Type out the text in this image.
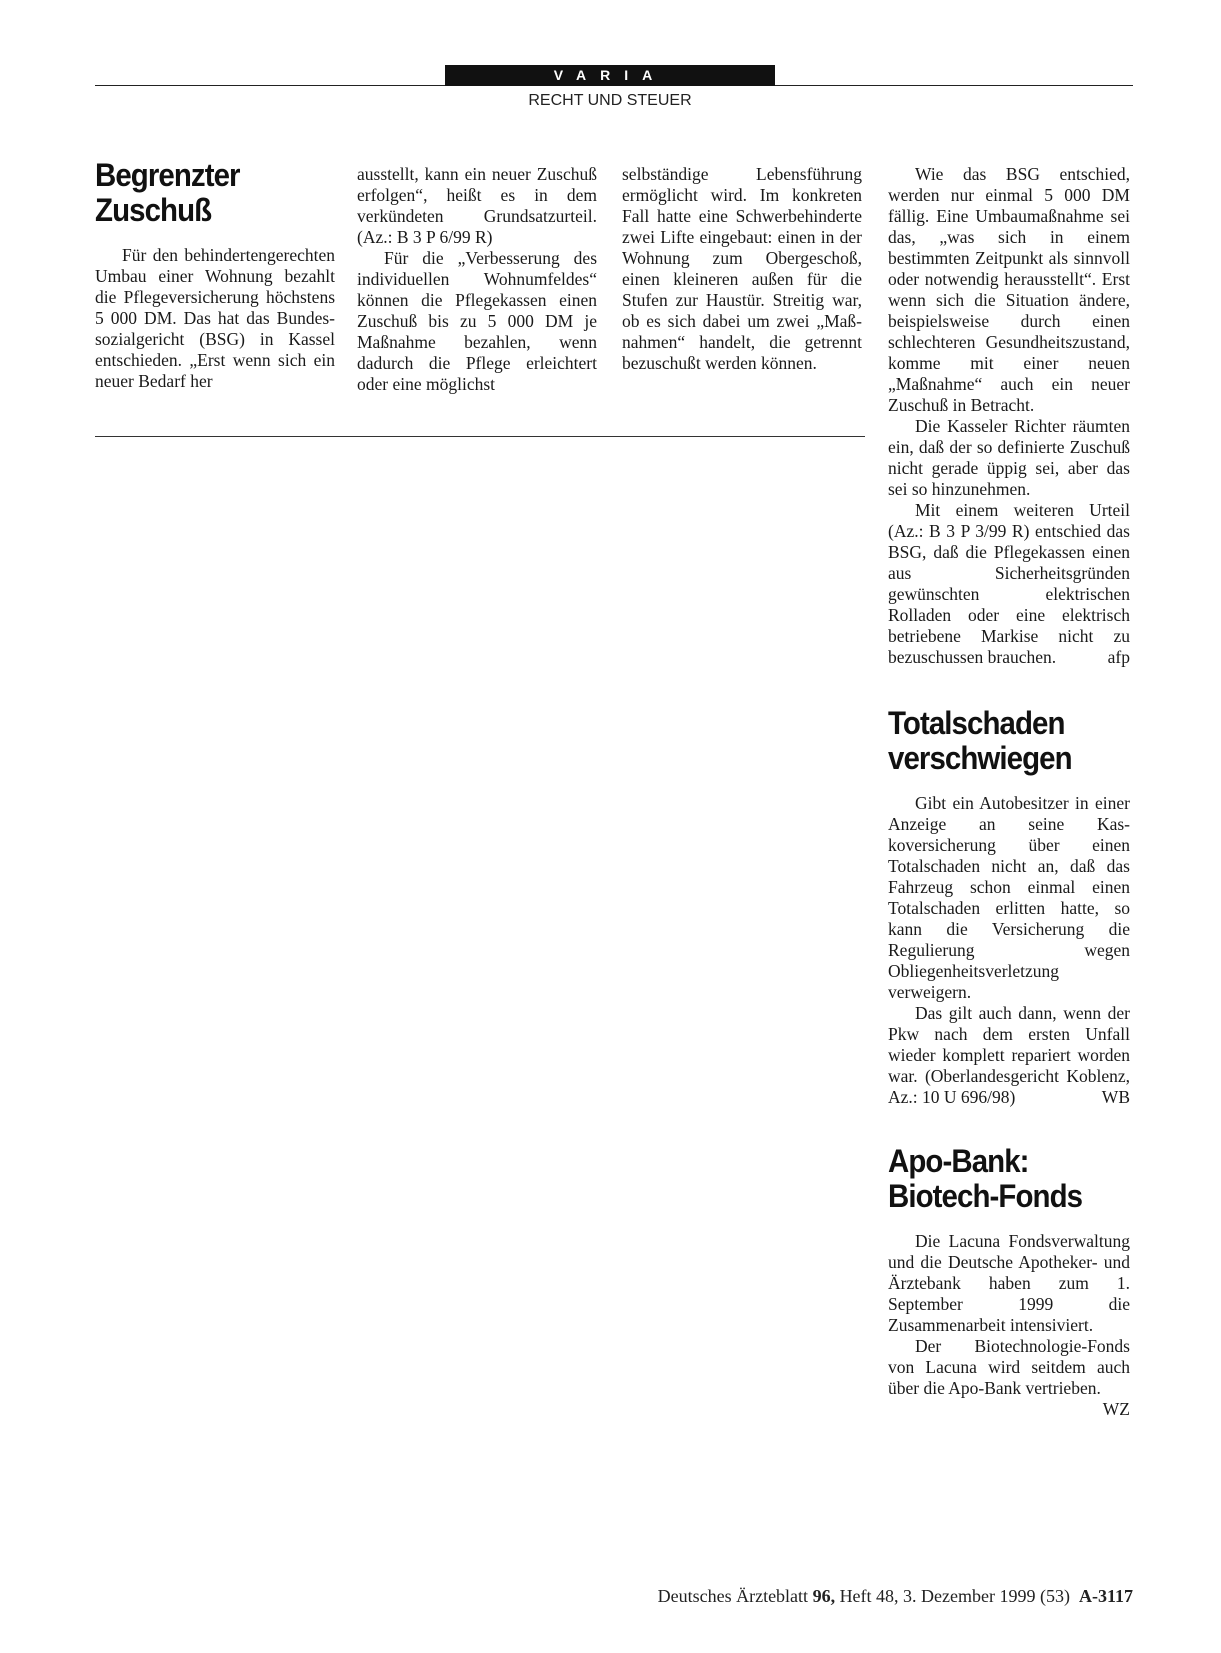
VARIA
RECHT UND STEUER
Begrenzter
Zuschuß

Für den behindertengerechten Umbau einer Wohnung bezahlt die Pflegeversicherung höchstens 5 000 DM. Das hat das Bundessozialgericht (BSG) in Kassel entschieden. „Erst wenn sich ein neuer Bedarf her

ausstellt, kann ein neuer Zuschuß erfolgen“, heißt es in dem verkündeten Grundsatzurteil. (Az.: B 3 P 6/99 R)

Für die „Verbesserung des individuellen Wohnumfeldes“ können die Pflegekassen einen Zuschuß bis zu 5 000 DM je Maßnahme bezahlen, wenn dadurch die Pflege erleichtert oder eine möglichst

selbständige Lebensführung ermöglicht wird. Im konkreten Fall hatte eine Schwerbehinderte zwei Lifte eingebaut: einen in der Wohnung zum Obergeschoß, einen kleineren außen für die Stufen zur Haustür. Streitig war, ob es sich dabei um zwei „Maßnahmen“ handelt, die getrennt bezuschußt werden können.

Wie das BSG entschied, werden nur einmal 5 000 DM fällig. Eine Umbaumaßnahme sei das, „was sich in einem bestimmten Zeitpunkt als sinnvoll oder notwendig herausstellt“. Erst wenn sich die Situation ändere, beispielsweise durch einen schlechteren Gesundheitszustand, komme mit einer neuen „Maßnahme“ auch ein neuer Zuschuß in Betracht.

Die Kasseler Richter räumten ein, daß der so definierte Zuschuß nicht gerade üppig sei, aber das sei so hinzunehmen.

Mit einem weiteren Urteil (Az.: B 3 P 3/99 R) entschied das BSG, daß die Pflegekassen einen aus Sicherheitsgründen gewünschten elektrischen Rolladen oder eine elektrisch betriebene Markise nicht zu bezuschussen brauchen.	afp

Totalschaden
verschwiegen

Gibt ein Autobesitzer in einer Anzeige an seine Kaskoversicherung über einen Totalschaden nicht an, daß das Fahrzeug schon einmal einen Totalschaden erlitten hatte, so kann die Versicherung die Regulierung wegen Obliegenheitsverletzung verweigern.

Das gilt auch dann, wenn der Pkw nach dem ersten Unfall wieder komplett repariert worden war. (Oberlandesgericht Koblenz, Az.: 10 U 696/98)	WB

Apo-Bank:
Biotech-Fonds

Die Lacuna Fondsverwaltung und die Deutsche Apotheker- und Ärztebank haben zum 1. September 1999 die Zusammenarbeit intensiviert.

Der Biotechnologie-Fonds von Lacuna wird seitdem auch über die Apo-Bank vertrieben.
WZ

Deutsches Ärzteblatt 96, Heft 48, 3. Dezember 1999 (53) A-3117
